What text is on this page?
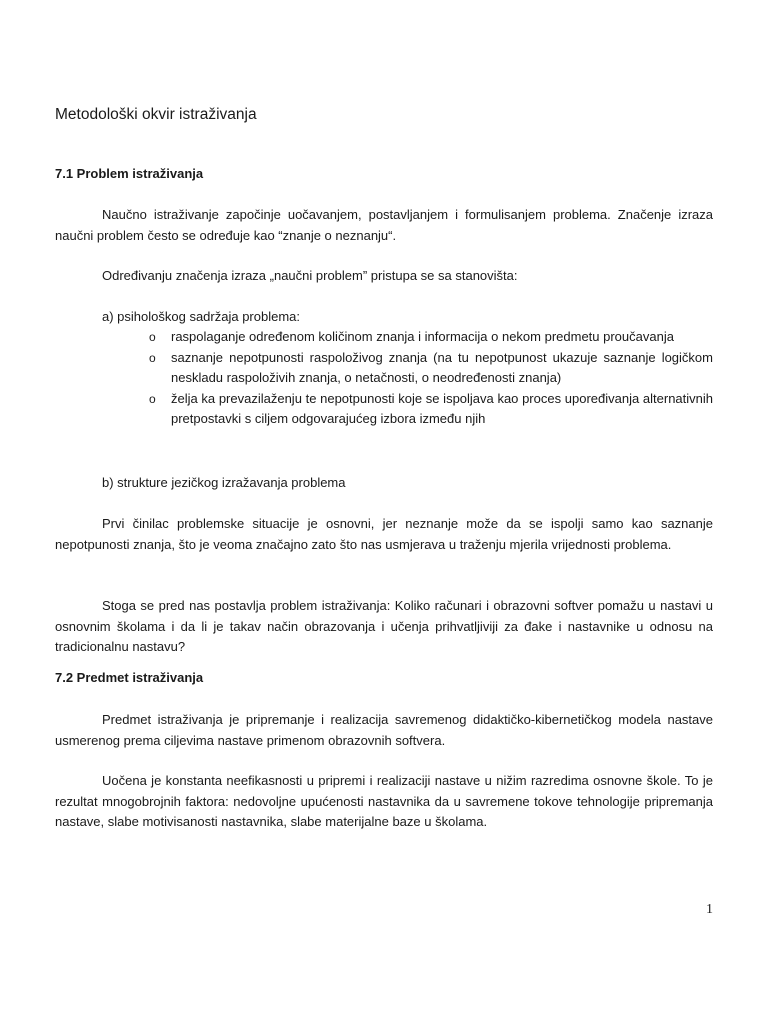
Metodološki okvir istraživanja
7.1 Problem istraživanja

Naučno istraživanje započinje uočavanjem, postavljanjem i formulisanjem problema. Značenje izraza naučni problem često se određuje kao “znanje o neznanju“.

Određivanju značenja izraza „naučni problem” pristupa se sa stanovišta:

a) psihološkog sadržaja problema:

o raspolaganje određenom količinom znanja i informacija o nekom predmetu proučavanja
o saznanje nepotpunosti raspoloživog znanja (na tu nepotpunost ukazuje saznanje logičkom neskladu raspoloživih znanja, o netačnosti, o neodređenosti znanja)
o želja ka prevazilaženju te nepotpunosti koje se ispoljava kao proces upoređivanja alternativnih pretpostavki s ciljem odgovarajućeg izbora između njih

b) strukture jezičkog izražavanja problema

Prvi činilac problemske situacije je osnovni, jer neznanje može da se ispolji samo kao saznanje nepotpunosti znanja, što je veoma značajno zato što nas usmjerava u traženju mjerila vrijednosti problema.

Stoga se pred nas postavlja problem istraživanja: Koliko računari i obrazovni softver pomažu u nastavi u osnovnim školama i da li je takav način obrazovanja i učenja prihvatljiviji za đake i nastavnike u odnosu na tradicionalnu nastavu?

7.2 Predmet istraživanja

Predmet istraživanja je pripremanje i realizacija savremenog didaktičko-kibernetičkog modela nastave usmerenog prema ciljevima nastave primenom obrazovnih softvera.

Uočena je konstanta neefikasnosti u pripremi i realizaciji nastave u nižim razredima osnovne škole. To je rezultat mnogobrojnih faktora: nedovoljne upućenosti nastavnika da u savremene tokove tehnologije pripremanja nastave, slabe motivisanosti nastavnika, slabe materijalne baze u školama.

1
